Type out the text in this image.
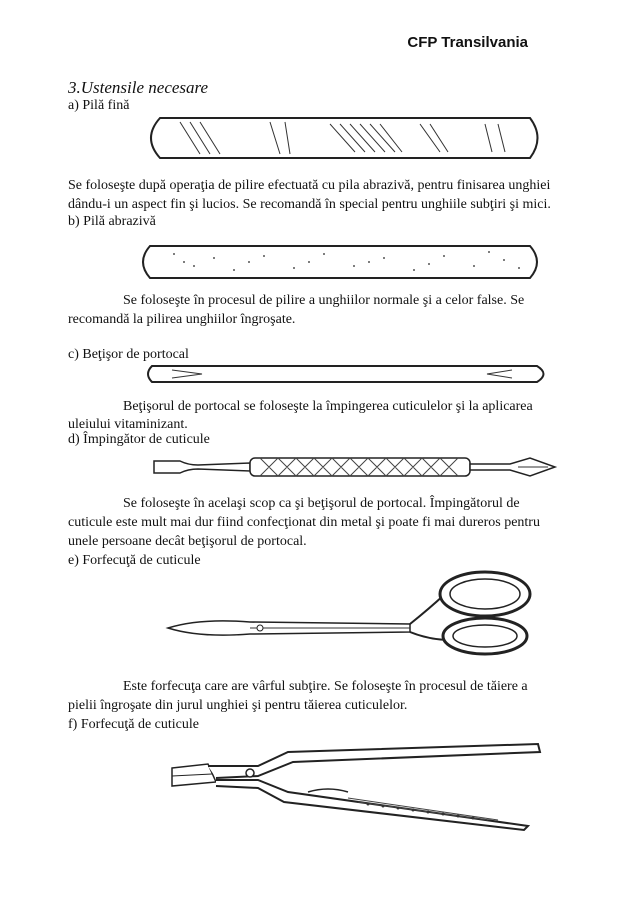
CFP Transilvania
3.Ustensile necesare
a) Pilă fină
Se foloseşte după operaţia de pilire efectuată cu pila abrazivă, pentru finisarea unghiei
dându-i un aspect fin şi lucios. Se recomandă în special pentru unghiile subţiri şi mici.
b) Pilă abrazivă
Se foloseşte în procesul de pilire a unghiilor normale şi a celor false. Se
recomandă la pilirea unghiilor îngroşate.
c) Beţişor de portocal
Beţişorul de portocal se foloseşte la împingerea cuticulelor şi la aplicarea
uleiului vitaminizant.
d) Împingător de cuticule
Se foloseşte în acelaşi scop ca şi beţişorul de portocal. Împingătorul de
cuticule este mult mai dur fiind confecţionat din metal şi poate fi mai dureros pentru
unele persoane decât beţişorul de portocal.
e) Forfecuţă de cuticule
Este forfecuţa care are vârful subţire. Se foloseşte în procesul de tăiere a
pielii îngroşate din jurul unghiei şi pentru tăierea cuticulelor.
f) Forfecuţă de cuticule
